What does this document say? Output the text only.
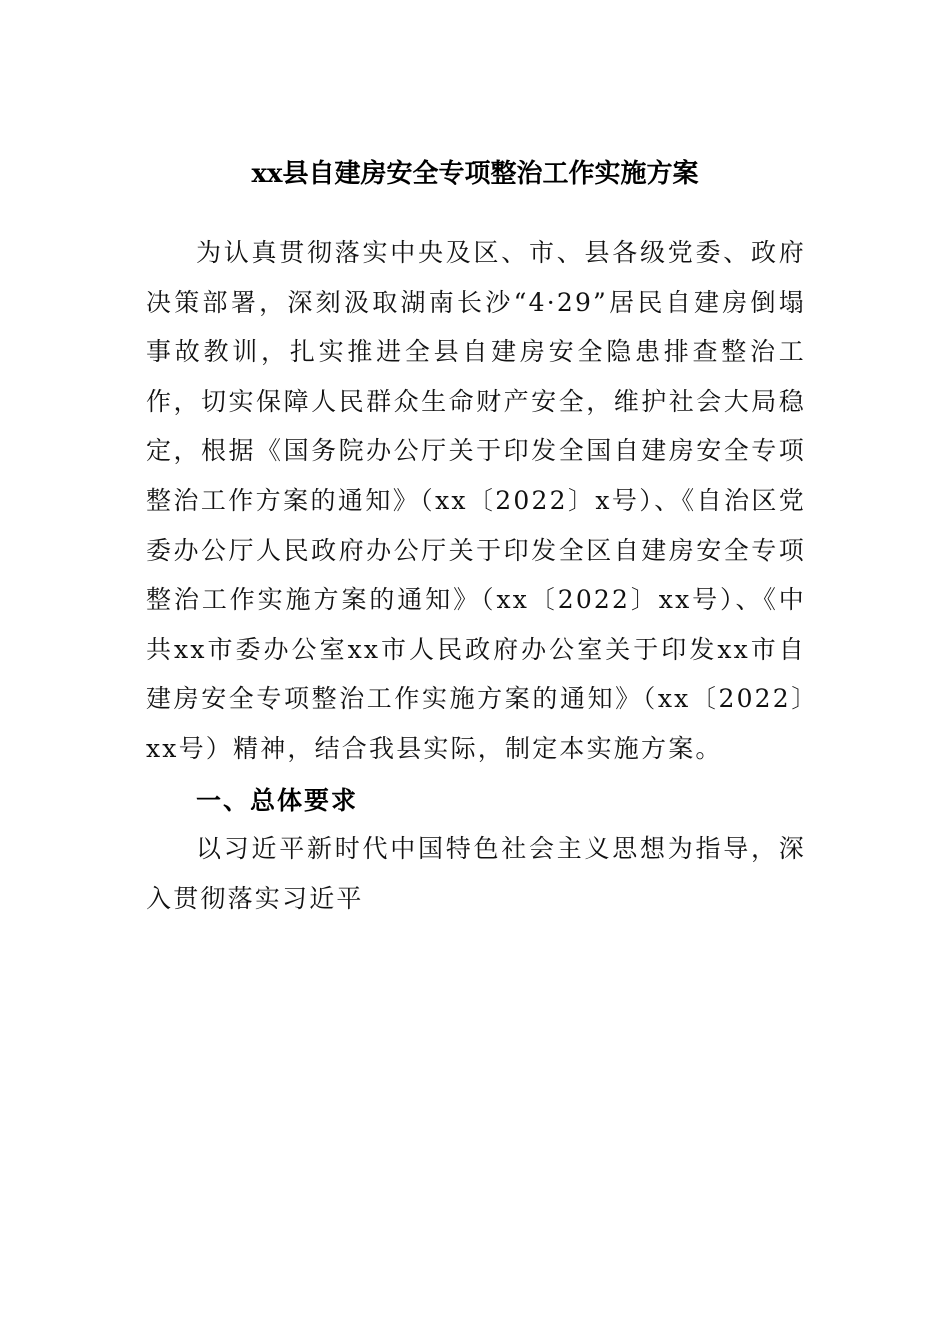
xx县自建房安全专项整治工作实施方案

为认真贯彻落实中央及区、市、县各级党委、政府决策部署，深刻汲取湖南长沙“4·29”居民自建房倒塌事故教训，扎实推进全县自建房安全隐患排查整治工作，切实保障人民群众生命财产安全，维护社会大局稳定，根据《国务院办公厅关于印发全国自建房安全专项整治工作方案的通知》（xx〔2022〕x号）、《自治区党委办公厅人民政府办公厅关于印发全区自建房安全专项整治工作实施方案的通知》（xx〔2022〕xx号）、《中共xx市委办公室xx市人民政府办公室关于印发xx市自建房安全专项整治工作实施方案的通知》（xx〔2022〕xx号）精神，结合我县实际，制定本实施方案。

一、总体要求

以习近平新时代中国特色社会主义思想为指导，深入贯彻落实习近平
